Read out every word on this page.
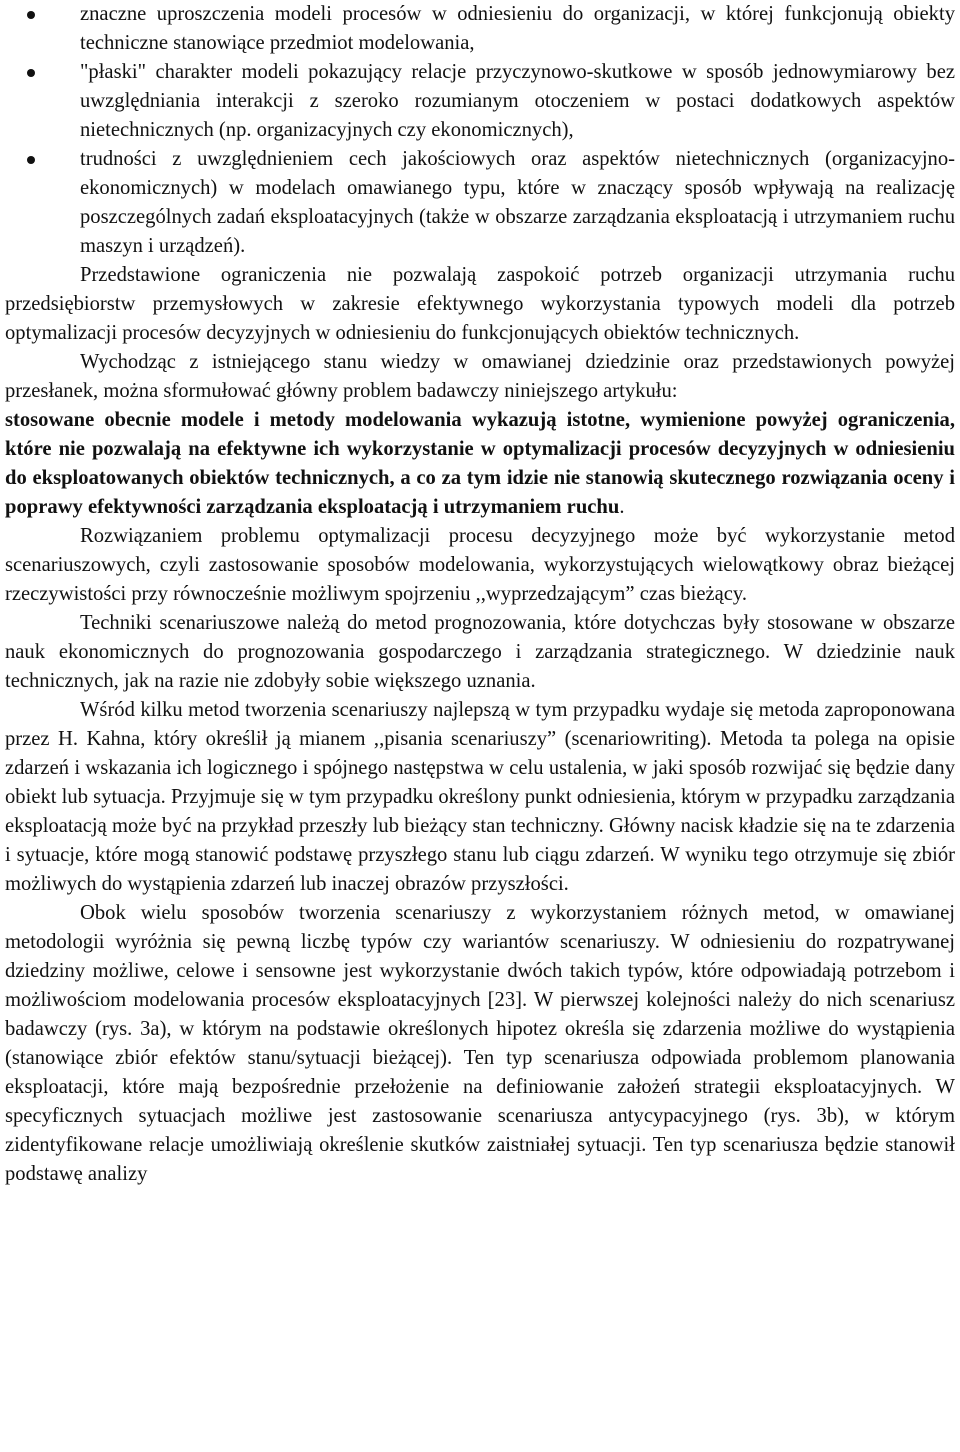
znaczne uproszczenia modeli procesów w odniesieniu do organizacji, w której funkcjonują obiekty techniczne stanowiące przedmiot modelowania,
"płaski" charakter modeli pokazujący relacje przyczynowo-skutkowe w sposób jednowymiarowy bez uwzględniania interakcji z szeroko rozumianym otoczeniem w postaci dodatkowych aspektów nietechnicznych (np. organizacyjnych czy ekonomicznych),
trudności z uwzględnieniem cech jakościowych oraz aspektów nietechnicznych (organizacyjno-ekonomicznych) w modelach omawianego typu, które w znaczący sposób wpływają na realizację poszczególnych zadań eksploatacyjnych (także w obszarze zarządzania eksploatacją i utrzymaniem ruchu maszyn i urządzeń).

Przedstawione ograniczenia nie pozwalają zaspokoić potrzeb organizacji utrzymania ruchu przedsiębiorstw przemysłowych w zakresie efektywnego wykorzystania typowych modeli dla potrzeb optymalizacji procesów decyzyjnych w odniesieniu do funkcjonujących obiektów technicznych.

Wychodząc z istniejącego stanu wiedzy w omawianej dziedzinie oraz przedstawionych powyżej przesłanek, można sformułować główny problem badawczy niniejszego artykułu:

stosowane obecnie modele i metody modelowania wykazują istotne, wymienione powyżej ograniczenia, które nie pozwalają na efektywne ich wykorzystanie w optymalizacji procesów decyzyjnych w odniesieniu do eksploatowanych obiektów technicznych, a co za tym idzie nie stanowią skutecznego rozwiązania oceny i poprawy efektywności zarządzania eksploatacją i utrzymaniem ruchu.

Rozwiązaniem problemu optymalizacji procesu decyzyjnego może być wykorzystanie metod scenariuszowych, czyli zastosowanie sposobów modelowania, wykorzystujących wielowątkowy obraz bieżącej rzeczywistości przy równocześnie możliwym spojrzeniu ,,wyprzedzającym” czas bieżący.

Techniki scenariuszowe należą do metod prognozowania, które dotychczas były stosowane w obszarze nauk ekonomicznych do prognozowania gospodarczego i zarządzania strategicznego. W dziedzinie nauk technicznych, jak na razie nie zdobyły sobie większego uznania.

Wśród kilku metod tworzenia scenariuszy najlepszą w tym przypadku wydaje się metoda zaproponowana przez H. Kahna, który określił ją mianem ,,pisania scenariuszy” (scenariowriting). Metoda ta polega na opisie zdarzeń i wskazania ich logicznego i spójnego następstwa w celu ustalenia, w jaki sposób rozwijać się będzie dany obiekt lub sytuacja. Przyjmuje się w tym przypadku określony punkt odniesienia, którym w przypadku zarządzania eksploatacją może być na przykład przeszły lub bieżący stan techniczny. Główny nacisk kładzie się na te zdarzenia i sytuacje, które mogą stanowić podstawę przyszłego stanu lub ciągu zdarzeń. W wyniku tego otrzymuje się zbiór możliwych do wystąpienia zdarzeń lub inaczej obrazów przyszłości.

Obok wielu sposobów tworzenia scenariuszy z wykorzystaniem różnych metod, w omawianej metodologii wyróżnia się pewną liczbę typów czy wariantów scenariuszy. W odniesieniu do rozpatrywanej dziedziny możliwe, celowe i sensowne jest wykorzystanie dwóch takich typów, które odpowiadają potrzebom i możliwościom modelowania procesów eksploatacyjnych [23]. W pierwszej kolejności należy do nich scenariusz badawczy (rys. 3a), w którym na podstawie określonych hipotez określa się zdarzenia możliwe do wystąpienia (stanowiące zbiór efektów stanu/sytuacji bieżącej). Ten typ scenariusza odpowiada problemom planowania eksploatacji, które mają bezpośrednie przełożenie na definiowanie założeń strategii eksploatacyjnych. W specyficznych sytuacjach możliwe jest zastosowanie scenariusza antycypacyjnego (rys. 3b), w którym zidentyfikowane relacje umożliwiają określenie skutków zaistniałej sytuacji. Ten typ scenariusza będzie stanowił podstawę analizy
